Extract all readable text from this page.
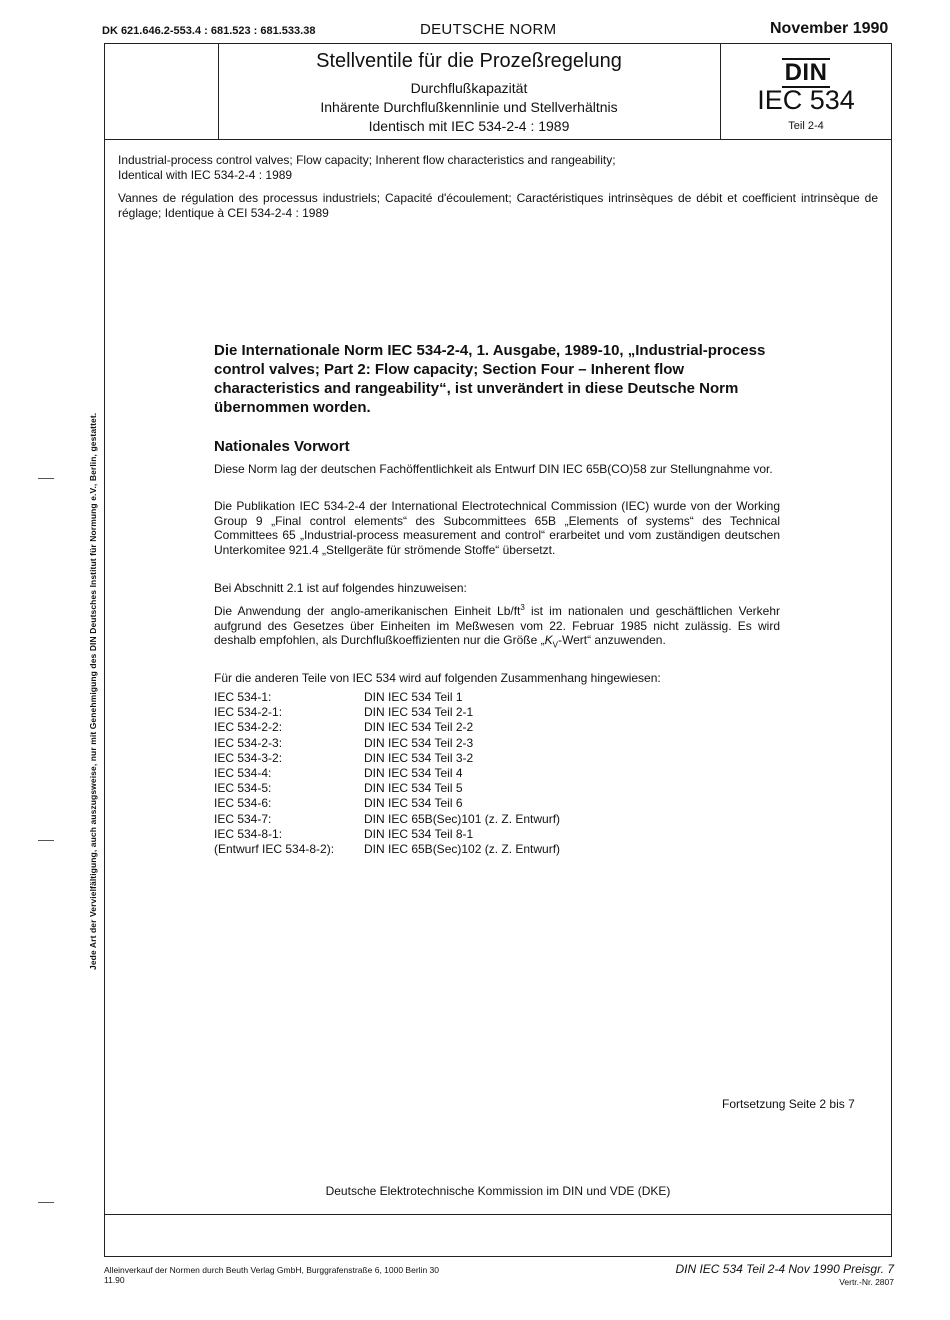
DK 621.646.2-553.4 : 681.523 : 681.533.38	DEUTSCHE NORM	November 1990
Stellventile für die Prozeßregelung
Durchflußkapazität
Inhärente Durchflußkennlinie und Stellverhältnis
Identisch mit IEC 534-2-4 : 1989
DIN
IEC 534
Teil 2-4
Industrial-process control valves; Flow capacity; Inherent flow characteristics and rangeability;
Identical with IEC 534-2-4 : 1989
Vannes de régulation des processus industriels; Capacité d'écoulement; Caractéristiques intrinsèques de débit et coefficient intrinsèque de réglage; Identique à CEI 534-2-4 : 1989
Jede Art der Vervielfältigung, auch auszugsweise, nur mit Genehmigung des DIN Deutsches Institut für Normung e.V., Berlin, gestattet.
Die Internationale Norm IEC 534-2-4, 1. Ausgabe, 1989-10, „Industrial-process control valves; Part 2: Flow capacity; Section Four – Inherent flow characteristics and rangeability“, ist unverändert in diese Deutsche Norm übernommen worden.
Nationales Vorwort
Diese Norm lag der deutschen Fachöffentlichkeit als Entwurf DIN IEC 65B(CO)58 zur Stellungnahme vor.
Die Publikation IEC 534-2-4 der International Electrotechnical Commission (IEC) wurde von der Working Group 9 „Final control elements“ des Subcommittees 65B „Elements of systems“ des Technical Committees 65 „Industrial-process measurement and control“ erarbeitet und vom zuständigen deutschen Unterkomitee 921.4 „Stellgeräte für strömende Stoffe“ übersetzt.
Bei Abschnitt 2.1 ist auf folgendes hinzuweisen:
Die Anwendung der anglo-amerikanischen Einheit $Lb/ft^3$ ist im nationalen und geschäftlichen Verkehr aufgrund des Gesetzes über Einheiten im Meßwesen vom 22. Februar 1985 nicht zulässig. Es wird deshalb empfohlen, als Durchflußkoeffizienten nur die Größe $„K_V-Wert“$ anzuwenden.
Für die anderen Teile von IEC 534 wird auf folgenden Zusammenhang hingewiesen:
IEC 534-1:	DIN IEC 534 Teil 1
IEC 534-2-1:	DIN IEC 534 Teil 2-1
IEC 534-2-2:	DIN IEC 534 Teil 2-2
IEC 534-2-3:	DIN IEC 534 Teil 2-3
IEC 534-3-2:	DIN IEC 534 Teil 3-2
IEC 534-4:	DIN IEC 534 Teil 4
IEC 534-5:	DIN IEC 534 Teil 5
IEC 534-6:	DIN IEC 534 Teil 6
IEC 534-7:	DIN IEC 65B(Sec)101 (z. Z. Entwurf)
IEC 534-8-1:	DIN IEC 534 Teil 8-1
(Entwurf IEC 534-8-2):	DIN IEC 65B(Sec)102 (z. Z. Entwurf)
Fortsetzung Seite 2 bis 7
Deutsche Elektrotechnische Kommission im DIN und VDE (DKE)
Alleinverkauf der Normen durch Beuth Verlag GmbH, Burggrafenstraße 6, 1000 Berlin 30
11.90
DIN IEC 534 Teil 2-4 Nov 1990 Preisgr. 7
Vertr.-Nr. 2807
